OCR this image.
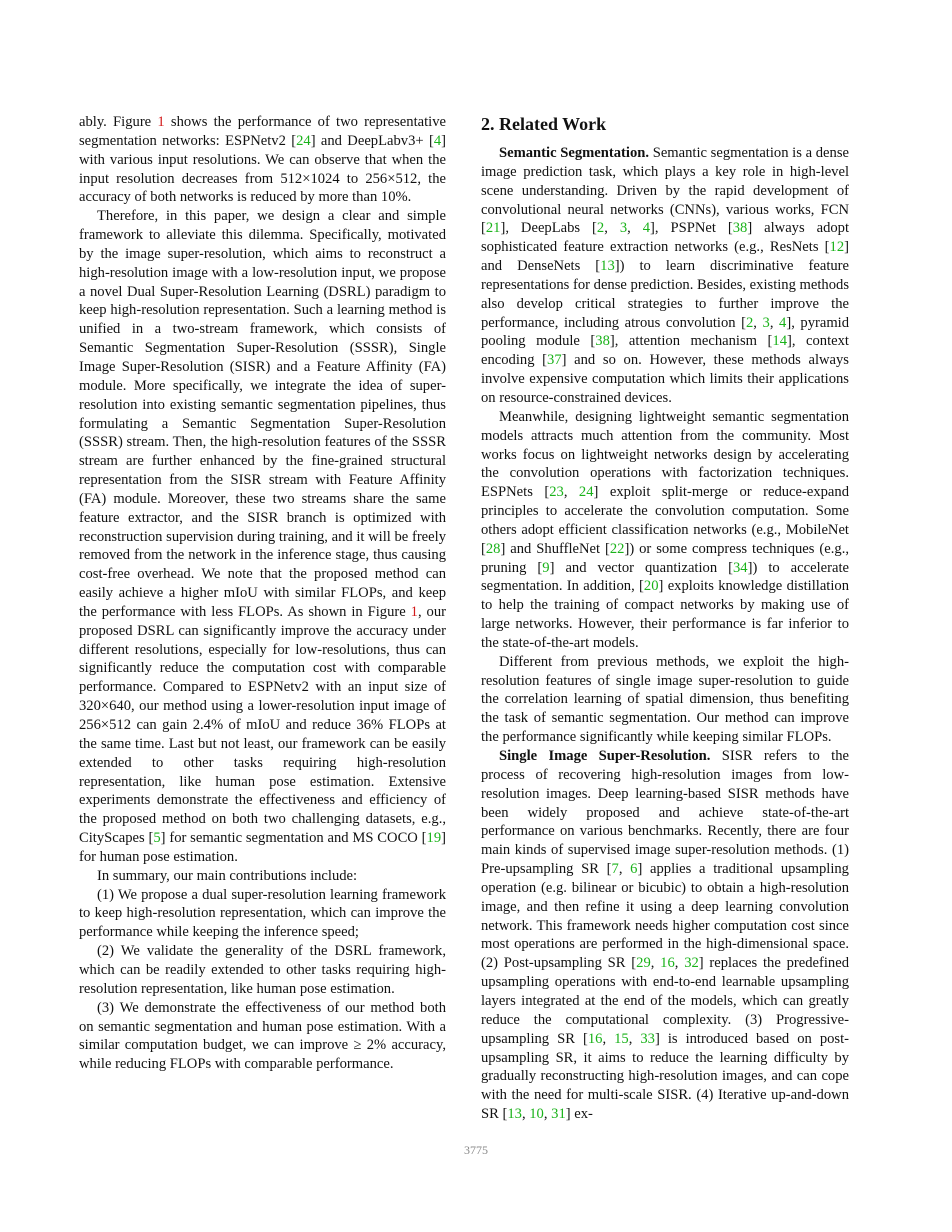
ably. Figure 1 shows the performance of two representative segmentation networks: ESPNetv2 [24] and DeepLabv3+ [4] with various input resolutions. We can observe that when the input resolution decreases from 512×1024 to 256×512, the accuracy of both networks is reduced by more than 10%.

Therefore, in this paper, we design a clear and simple framework to alleviate this dilemma. Specifically, motivated by the image super-resolution, which aims to reconstruct a high-resolution image with a low-resolution input, we propose a novel Dual Super-Resolution Learning (DSRL) paradigm to keep high-resolution representation. Such a learning method is unified in a two-stream framework, which consists of Semantic Segmentation Super-Resolution (SSSR), Single Image Super-Resolution (SISR) and a Feature Affinity (FA) module. More specifically, we integrate the idea of super-resolution into existing semantic segmentation pipelines, thus formulating a Semantic Segmentation Super-Resolution (SSSR) stream. Then, the high-resolution features of the SSSR stream are further enhanced by the fine-grained structural representation from the SISR stream with Feature Affinity (FA) module. Moreover, these two streams share the same feature extractor, and the SISR branch is optimized with reconstruction supervision during training, and it will be freely removed from the network in the inference stage, thus causing cost-free overhead. We note that the proposed method can easily achieve a higher mIoU with similar FLOPs, and keep the performance with less FLOPs. As shown in Figure 1, our proposed DSRL can significantly improve the accuracy under different resolutions, especially for low-resolutions, thus can significantly reduce the computation cost with comparable performance. Compared to ESPNetv2 with an input size of 320×640, our method using a lower-resolution input image of 256×512 can gain 2.4% of mIoU and reduce 36% FLOPs at the same time. Last but not least, our framework can be easily extended to other tasks requiring high-resolution representation, like human pose estimation. Extensive experiments demonstrate the effectiveness and efficiency of the proposed method on both two challenging datasets, e.g., CityScapes [5] for semantic segmentation and MS COCO [19] for human pose estimation.

In summary, our main contributions include:

(1) We propose a dual super-resolution learning framework to keep high-resolution representation, which can improve the performance while keeping the inference speed;

(2) We validate the generality of the DSRL framework, which can be readily extended to other tasks requiring high-resolution representation, like human pose estimation.

(3) We demonstrate the effectiveness of our method both on semantic segmentation and human pose estimation. With a similar computation budget, we can improve ≥ 2% accuracy, while reducing FLOPs with comparable performance.

2. Related Work

Semantic Segmentation. Semantic segmentation is a dense image prediction task, which plays a key role in high-level scene understanding. Driven by the rapid development of convolutional neural networks (CNNs), various works, FCN [21], DeepLabs [2, 3, 4], PSPNet [38] always adopt sophisticated feature extraction networks (e.g., ResNets [12] and DenseNets [13]) to learn discriminative feature representations for dense prediction. Besides, existing methods also develop critical strategies to further improve the performance, including atrous convolution [2, 3, 4], pyramid pooling module [38], attention mechanism [14], context encoding [37] and so on. However, these methods always involve expensive computation which limits their applications on resource-constrained devices.

Meanwhile, designing lightweight semantic segmentation models attracts much attention from the community. Most works focus on lightweight networks design by accelerating the convolution operations with factorization techniques. ESPNets [23, 24] exploit split-merge or reduce-expand principles to accelerate the convolution computation. Some others adopt efficient classification networks (e.g., MobileNet [28] and ShuffleNet [22]) or some compress techniques (e.g., pruning [9] and vector quantization [34]) to accelerate segmentation. In addition, [20] exploits knowledge distillation to help the training of compact networks by making use of large networks. However, their performance is far inferior to the state-of-the-art models.

Different from previous methods, we exploit the high-resolution features of single image super-resolution to guide the correlation learning of spatial dimension, thus benefiting the task of semantic segmentation. Our method can improve the performance significantly while keeping similar FLOPs.

Single Image Super-Resolution. SISR refers to the process of recovering high-resolution images from low-resolution images. Deep learning-based SISR methods have been widely proposed and achieve state-of-the-art performance on various benchmarks. Recently, there are four main kinds of supervised image super-resolution methods. (1) Pre-upsampling SR [7, 6] applies a traditional upsampling operation (e.g. bilinear or bicubic) to obtain a high-resolution image, and then refine it using a deep learning convolution network. This framework needs higher computation cost since most operations are performed in the high-dimensional space. (2) Post-upsampling SR [29, 16, 32] replaces the predefined upsampling operations with end-to-end learnable upsampling layers integrated at the end of the models, which can greatly reduce the computational complexity. (3) Progressive-upsampling SR [16, 15, 33] is introduced based on post-upsampling SR, it aims to reduce the learning difficulty by gradually reconstructing high-resolution images, and can cope with the need for multi-scale SISR. (4) Iterative up-and-down SR [13, 10, 31] ex-

3775
